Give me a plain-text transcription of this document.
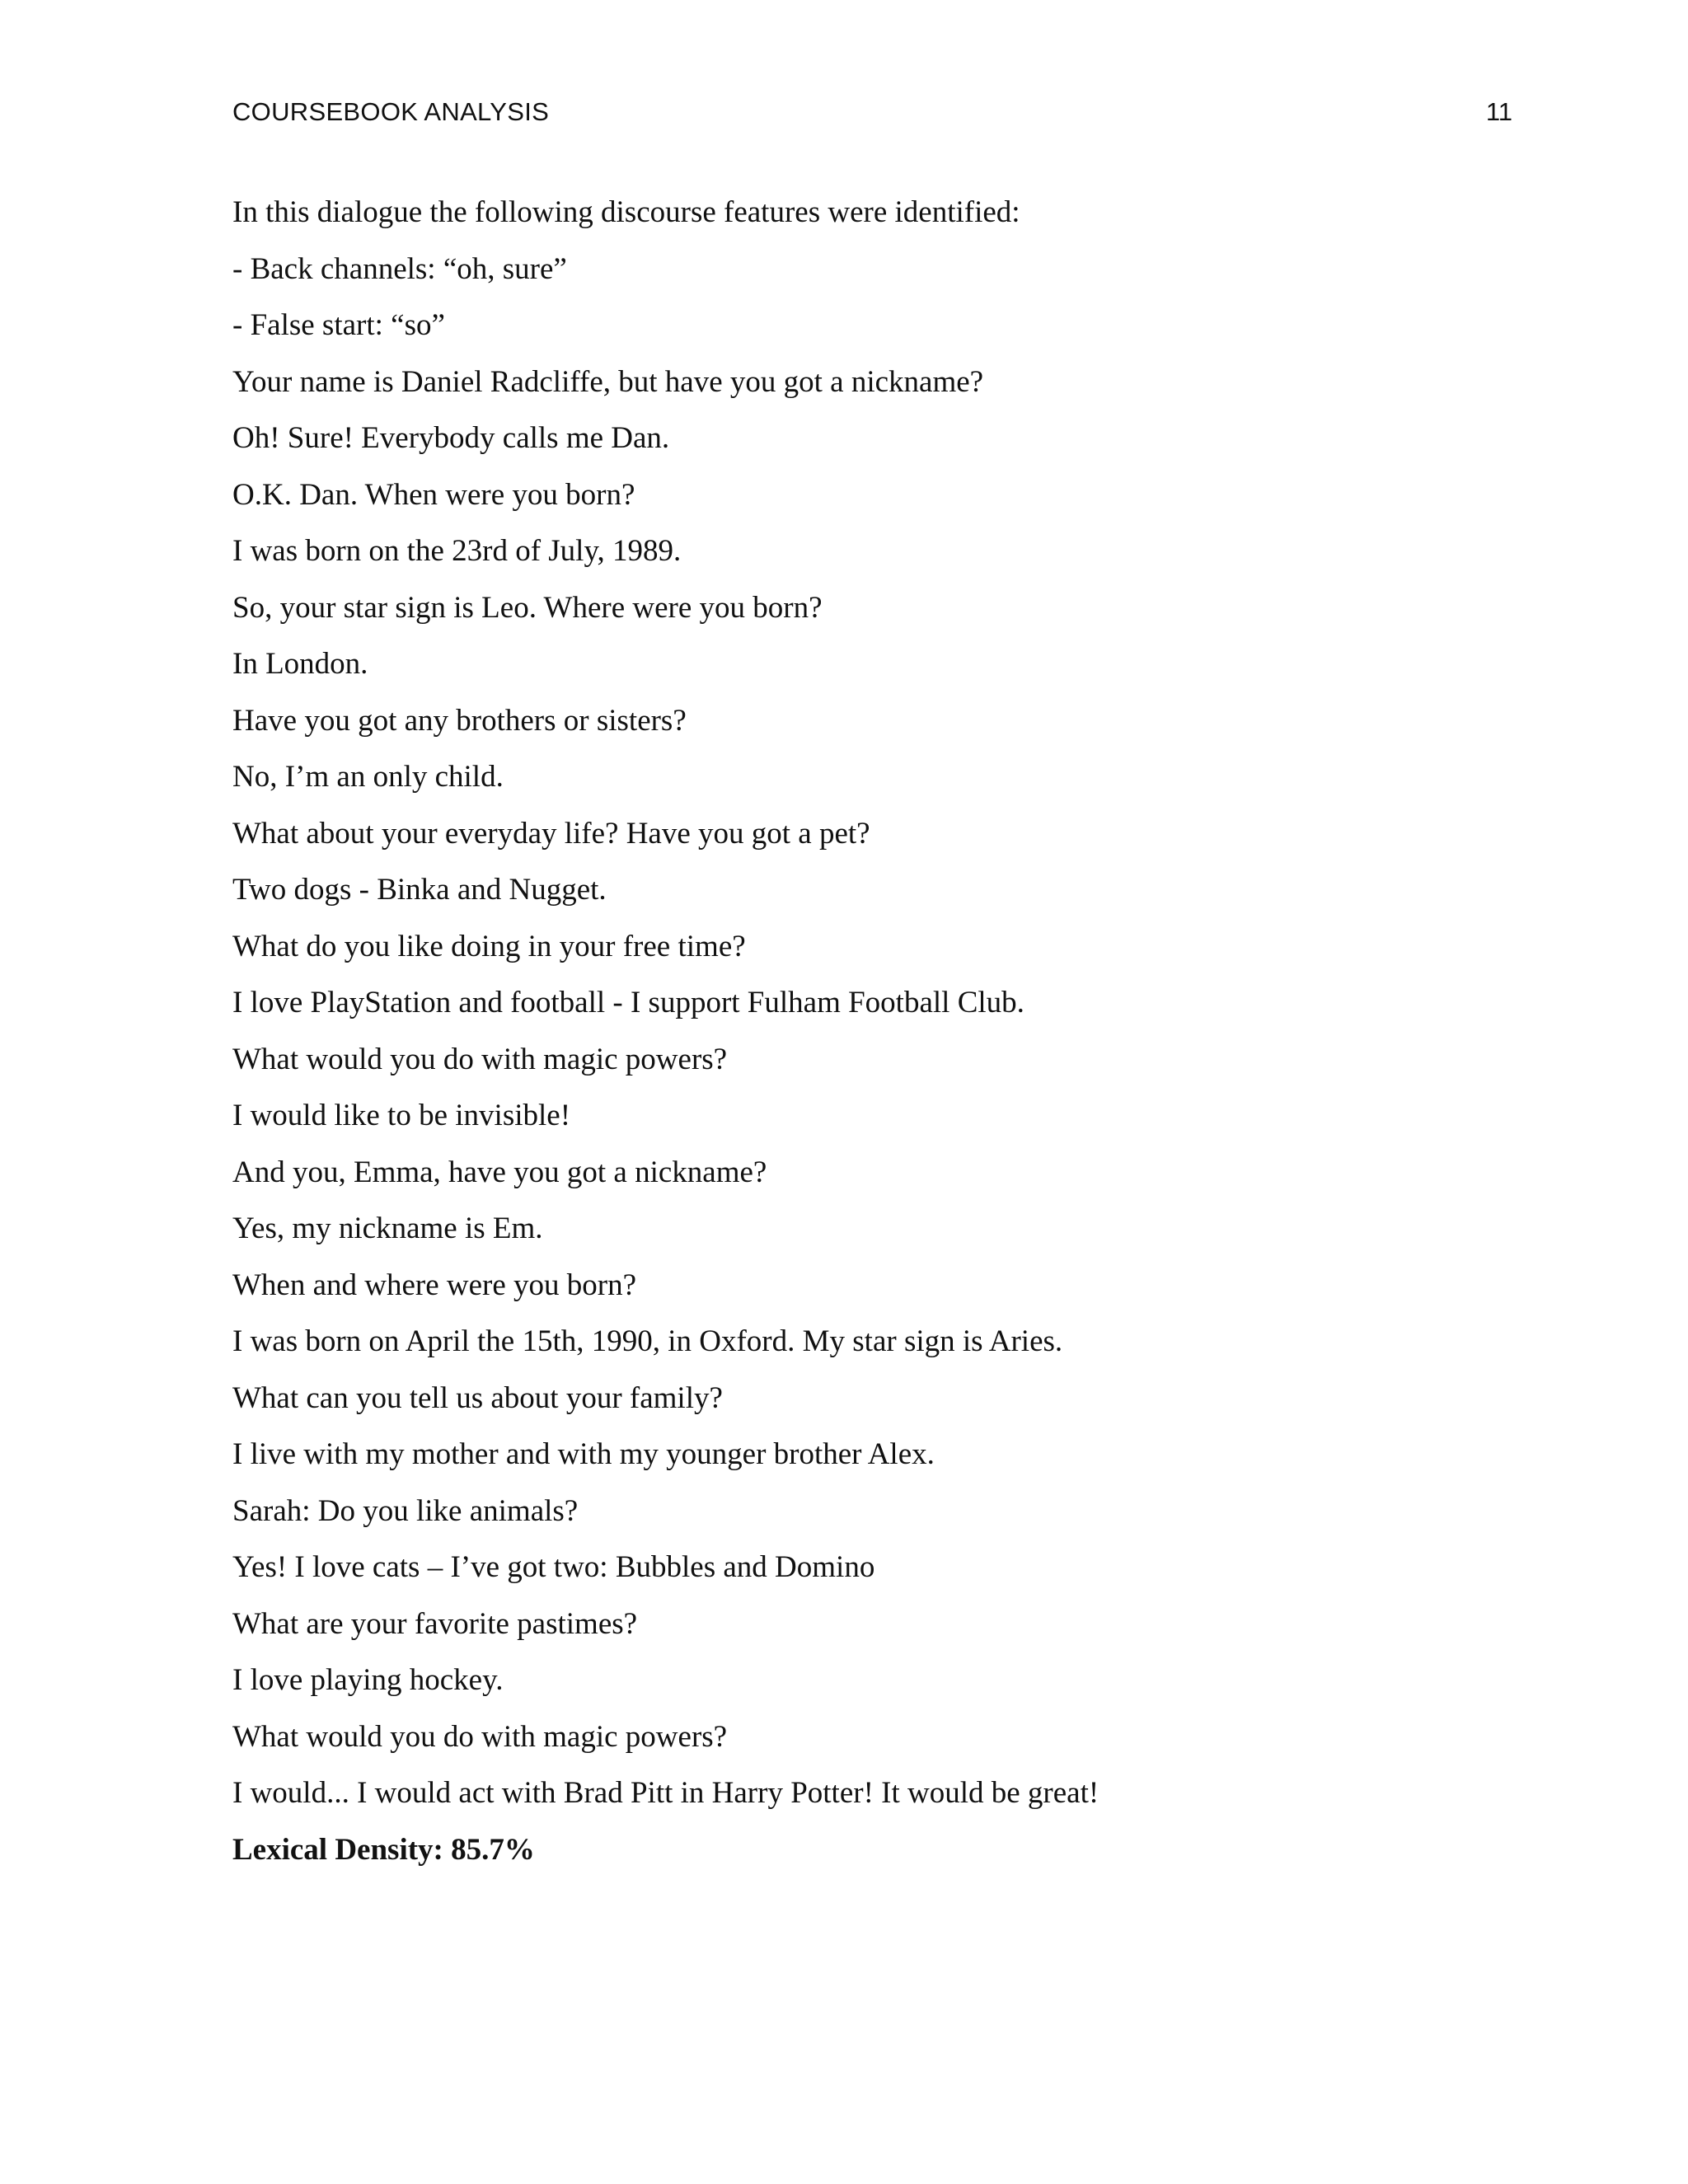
COURSEBOOK ANALYSIS	11
In this dialogue the following discourse features were identified:
- Back channels: “oh, sure”
- False start: “so”
Your name is Daniel Radcliffe, but have you got a nickname?
Oh! Sure! Everybody calls me Dan.
O.K. Dan. When were you born?
I was born on the 23rd of July, 1989.
So, your star sign is Leo. Where were you born?
In London.
Have you got any brothers or sisters?
No, I’m an only child.
What about your everyday life? Have you got a pet?
Two dogs - Binka and Nugget.
What do you like doing in your free time?
I love PlayStation and football - I support Fulham Football Club.
What would you do with magic powers?
I would like to be invisible!
And you, Emma, have you got a nickname?
Yes, my nickname is Em.
When and where were you born?
I was born on April the 15th, 1990, in Oxford. My star sign is Aries.
What can you tell us about your family?
I live with my mother and with my younger brother Alex.
Sarah: Do you like animals?
Yes! I love cats – I’ve got two: Bubbles and Domino
What are your favorite pastimes?
I love playing hockey.
What would you do with magic powers?
I would... I would act with Brad Pitt in Harry Potter! It would be great!
Lexical Density: 85.7%
